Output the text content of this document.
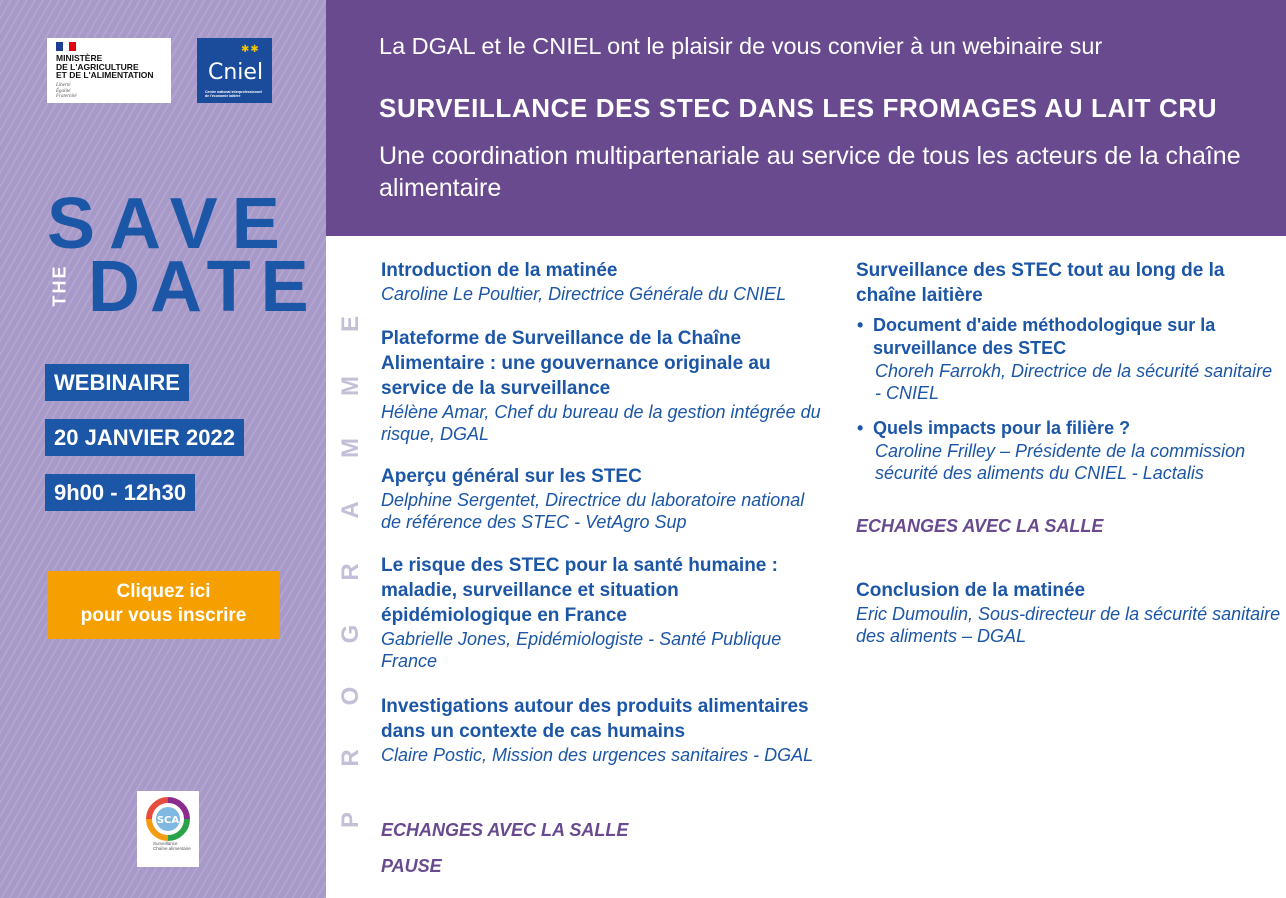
MINISTÈRE
DE L'AGRICULTURE
ET DE L'ALIMENTATION
Liberté
Égalité
Fraternité
✱✱
Cniel
Centre national interprofessionnel de l'économie laitière
SAVE
THE DATE
WEBINAIRE
20 JANVIER 2022
9h00 - 12h30
Cliquez ici
pour vous inscrire
SCA
Surveillance
Chaîne alimentaire
La DGAL et le CNIEL ont le plaisir de vous convier à un webinaire sur
SURVEILLANCE DES STEC DANS LES FROMAGES AU LAIT CRU
Une coordination multipartenariale au service de tous les acteurs de la chaîne alimentaire
E
M
M
A
R
G
O
R
P
Introduction de la matinée
Caroline Le Poultier, Directrice Générale du CNIEL
Plateforme de Surveillance de la Chaîne Alimentaire : une gouvernance originale au service de la surveillance
Hélène Amar, Chef du bureau de la gestion intégrée du risque, DGAL
Aperçu général sur les STEC
Delphine Sergentet, Directrice du laboratoire national de référence des STEC - VetAgro Sup
Le risque des STEC pour la santé humaine : maladie, surveillance et situation épidémiologique en France
Gabrielle Jones, Epidémiologiste - Santé Publique France
Investigations autour des produits alimentaires dans un contexte de cas humains
Claire Postic, Mission des urgences sanitaires - DGAL
ECHANGES AVEC LA SALLE
PAUSE
Surveillance des STEC tout au long de la chaîne laitière
• Document d'aide méthodologique sur la surveillance des STEC
Choreh Farrokh, Directrice de la sécurité sanitaire - CNIEL
• Quels impacts pour la filière ?
Caroline Frilley – Présidente de la commission sécurité des aliments du CNIEL - Lactalis
ECHANGES AVEC LA SALLE
Conclusion de la matinée
Eric Dumoulin, Sous-directeur de la sécurité sanitaire des aliments – DGAL
